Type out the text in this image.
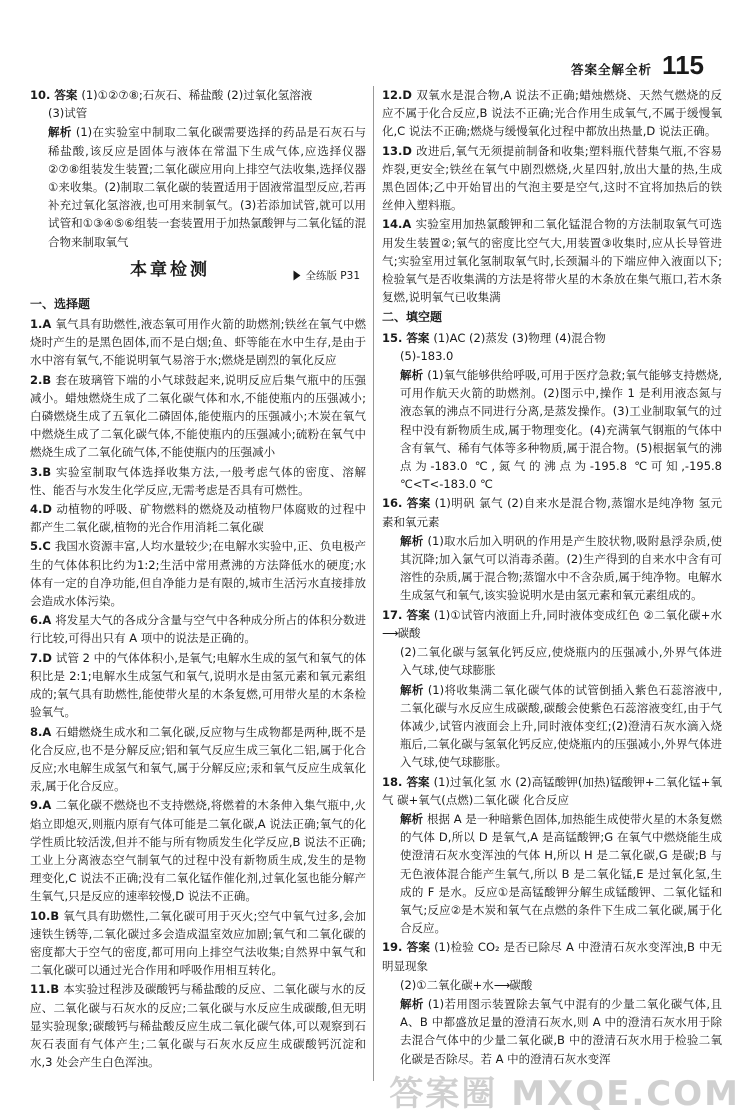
答案全解全析 115
10. 答案 (1)①②⑦⑧;石灰石、稀盐酸 (2)过氧化氢溶液
(3)试管
解析 (1)在实验室中制取二氧化碳需要选择的药品是石灰石与稀盐酸,该反应是固体与液体在常温下生成气体,应选择仪器②⑦⑧组装发生装置;二氧化碳应用向上排空气法收集,选择仪器①来收集。(2)制取二氧化碳的装置适用于固液常温型反应,若再补充过氧化氢溶液,也可用来制氧气。(3)若添加试管,就可以用试管和①③④⑤⑥组装一套装置用于加热氯酸钾与二氧化锰的混合物来制取氧气
本章检测	全练版 P31
一、选择题
1.A 氧气具有助燃性,液态氧可用作火箭的助燃剂;铁丝在氧气中燃烧时产生的是黑色固体,而不是白烟;鱼、虾等能在水中生存,是由于水中溶有氧气,不能说明氧气易溶于水;燃烧是剧烈的氧化反应
2.B 套在玻璃管下端的小气球鼓起来,说明反应后集气瓶中的压强减小。蜡烛燃烧生成了二氧化碳气体和水,不能使瓶内的压强减小;白磷燃烧生成了五氧化二磷固体,能使瓶内的压强减小;木炭在氧气中燃烧生成了二氧化碳气体,不能使瓶内的压强减小;硫粉在氧气中燃烧生成了二氧化硫气体,不能使瓶内的压强减小
3.B 实验室制取气体选择收集方法,一般考虑气体的密度、溶解性、能否与水发生化学反应,无需考虑是否具有可燃性。
4.D 动植物的呼吸、矿物燃料的燃烧及动植物尸体腐败的过程中都产生二氧化碳,植物的光合作用消耗二氧化碳
5.C 我国水资源丰富,人均水量较少;在电解水实验中,正、负电极产生的气体体积比约为1:2;生活中常用煮沸的方法降低水的硬度;水体有一定的自净功能,但自净能力是有限的,城市生活污水直接排放会造成水体污染。
6.A 将发星大气的各成分含量与空气中各种成分所占的体积分数进行比较,可得出只有 A 项中的说法是正确的。
7.D 试管 2 中的气体体积小,是氧气;电解水生成的氢气和氧气的体积比是 2:1;电解水生成氢气和氧气,说明水是由氢元素和氧元素组成的;氧气具有助燃性,能使带火星的木条复燃,可用带火星的木条检验氧气。
8.A 石蜡燃烧生成水和二氧化碳,反应物与生成物都是两种,既不是化合反应,也不是分解反应;铝和氧气反应生成三氧化二铝,属于化合反应;水电解生成氢气和氧气,属于分解反应;汞和氧气反应生成氧化汞,属于化合反应。
9.A 二氧化碳不燃烧也不支持燃烧,将燃着的木条伸入集气瓶中,火焰立即熄灭,则瓶内原有气体可能是二氧化碳,A 说法正确;氧气的化学性质比较活泼,但并不能与所有物质发生化学反应,B 说法不正确;工业上分离液态空气制氧气的过程中没有新物质生成,发生的是物理变化,C 说法不正确;没有二氧化锰作催化剂,过氧化氢也能分解产生氧气,只是反应的速率较慢,D 说法不正确。
10.B 氧气具有助燃性,二氧化碳可用于灭火;空气中氧气过多,会加速铁生锈等,二氧化碳过多会造成温室效应加剧;氧气和二氧化碳的密度都大于空气的密度,都可用向上排空气法收集;自然界中氧气和二氧化碳可以通过光合作用和呼吸作用相互转化。
11.B 本实验过程涉及碳酸钙与稀盐酸的反应、二氧化碳与水的反应、二氧化碳与石灰水的反应;二氧化碳与水反应生成碳酸,但无明显实验现象;碳酸钙与稀盐酸反应生成二氧化碳气体,可以观察到石灰石表面有气体产生;二氧化碳与石灰水反应生成碳酸钙沉淀和水,3 处会产生白色浑浊。
12.D 双氧水是混合物,A 说法不正确;蜡烛燃烧、天然气燃烧的反应不属于化合反应,B 说法不正确;光合作用生成氧气,不属于缓慢氧化,C 说法不正确;燃烧与缓慢氧化过程中都放出热量,D 说法正确。
13.D 改进后,氧气无须提前制备和收集;塑料瓶代替集气瓶,不容易炸裂,更安全;铁丝在氧气中剧烈燃烧,火星四射,放出大量的热,生成黑色固体;乙中开始冒出的气泡主要是空气,这时不宜将加热后的铁丝伸入塑料瓶。
14.A 实验室用加热氯酸钾和二氧化锰混合物的方法制取氧气可选用发生装置②;氧气的密度比空气大,用装置③收集时,应从长导管进气;实验室用过氧化氢制取氧气时,长颈漏斗的下端应伸入液面以下;检验氧气是否收集满的方法是将带火星的木条放在集气瓶口,若木条复燃,说明氧气已收集满
二、填空题
15. 答案 (1)AC (2)蒸发 (3)物理 (4)混合物
(5)-183.0
解析 (1)氧气能够供给呼吸,可用于医疗急救;氧气能够支持燃烧,可用作航天火箭的助燃剂。(2)图示中,操作 1 是利用液态氮与液态氧的沸点不同进行分离,是蒸发操作。(3)工业制取氧气的过程中没有新物质生成,属于物理变化。(4)充满氧气钢瓶的气体中含有氧气、稀有气体等多种物质,属于混合物。(5)根据氧气的沸点为-183.0 ℃,氮气的沸点为-195.8 ℃可知,-195.8 ℃<T<-183.0 ℃
16. 答案 (1)明矾 氯气 (2)自来水是混合物,蒸馏水是纯净物 氢元素和氧元素
解析 (1)取水后加入明矾的作用是产生胶状物,吸附悬浮杂质,使其沉降;加入氯气可以消毒杀菌。(2)生产得到的自来水中含有可溶性的杂质,属于混合物;蒸馏水中不含杂质,属于纯净物。电解水生成氢气和氧气,该实验说明水是由氢元素和氧元素组成的。
17. 答案 (1)①试管内液面上升,同时液体变成红色 ②二氧化碳+水⟶碳酸
(2)二氧化碳与氢氧化钙反应,使烧瓶内的压强减小,外界气体进入气球,使气球膨胀
解析 (1)将收集满二氧化碳气体的试管倒插入紫色石蕊溶液中,二氧化碳与水反应生成碳酸,碳酸会使紫色石蕊溶液变红,由于气体减少,试管内液面会上升,同时液体变红;(2)澄清石灰水滴入烧瓶后,二氧化碳与氢氧化钙反应,使烧瓶内的压强减小,外界气体进入气球,使气球膨胀。
18. 答案 (1)过氧化氢 水 (2)高锰酸钾(加热)锰酸钾+二氧化锰+氧气 碳+氧气(点燃)二氧化碳 化合反应
解析 根据 A 是一种暗紫色固体,加热能生成使带火星的木条复燃的气体 D,所以 D 是氧气,A 是高锰酸钾;G 在氧气中燃烧能生成使澄清石灰水变浑浊的气体 H,所以 H 是二氧化碳,G 是碳;B 与无色液体混合能产生氧气,所以 B 是二氧化锰,E 是过氧化氢,生成的 F 是水。反应①是高锰酸钾分解生成锰酸钾、二氧化锰和氧气;反应②是木炭和氧气在点燃的条件下生成二氧化碳,属于化合反应。
19. 答案 (1)检验 CO₂ 是否已除尽 A 中澄清石灰水变浑浊,B 中无明显现象
(2)①二氧化碳+水⟶碳酸
解析 (1)若用图示装置除去氧气中混有的少量二氧化碳气体,且 A、B 中都盛放足量的澄清石灰水,则 A 中的澄清石灰水用于除去混合气体中的少量二氧化碳,B 中的澄清石灰水用于检验二氧化碳是否除尽。若 A 中的澄清石灰水变浑
答案圈 MXQE.COM
